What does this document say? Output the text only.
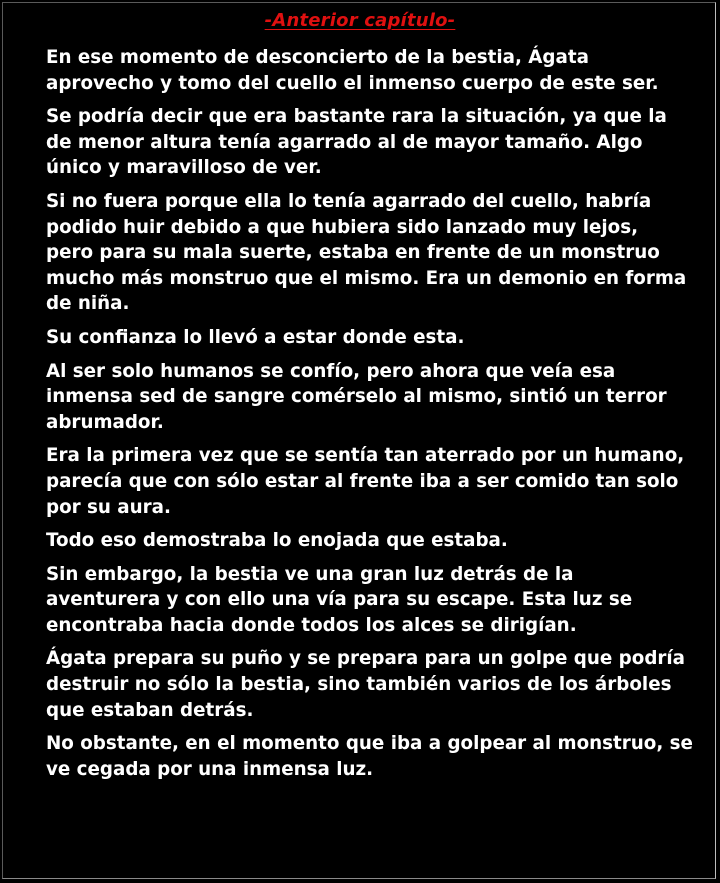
-Anterior capítulo-

En ese momento de desconcierto de la bestia, Ágata
aprovecho y tomo del cuello el inmenso cuerpo de este ser.

Se podría decir que era bastante rara la situación, ya que la
de menor altura tenía agarrado al de mayor tamaño. Algo
único y maravilloso de ver.

Si no fuera porque ella lo tenía agarrado del cuello, habría
podido huir debido a que hubiera sido lanzado muy lejos,
pero para su mala suerte, estaba en frente de un monstruo
mucho más monstruo que el mismo. Era un demonio en forma
de niña.

Su confianza lo llevó a estar donde esta.

Al ser solo humanos se confío, pero ahora que veía esa
inmensa sed de sangre comérselo al mismo, sintió un terror
abrumador.

Era la primera vez que se sentía tan aterrado por un humano,
parecía que con sólo estar al frente iba a ser comido tan solo
por su aura.

Todo eso demostraba lo enojada que estaba.

Sin embargo, la bestia ve una gran luz detrás de la
aventurera y con ello una vía para su escape. Esta luz se
encontraba hacia donde todos los alces se dirigían.

Ágata prepara su puño y se prepara para un golpe que podría
destruir no sólo la bestia, sino también varios de los árboles
que estaban detrás.

No obstante, en el momento que iba a golpear al monstruo, se
ve cegada por una inmensa luz.
